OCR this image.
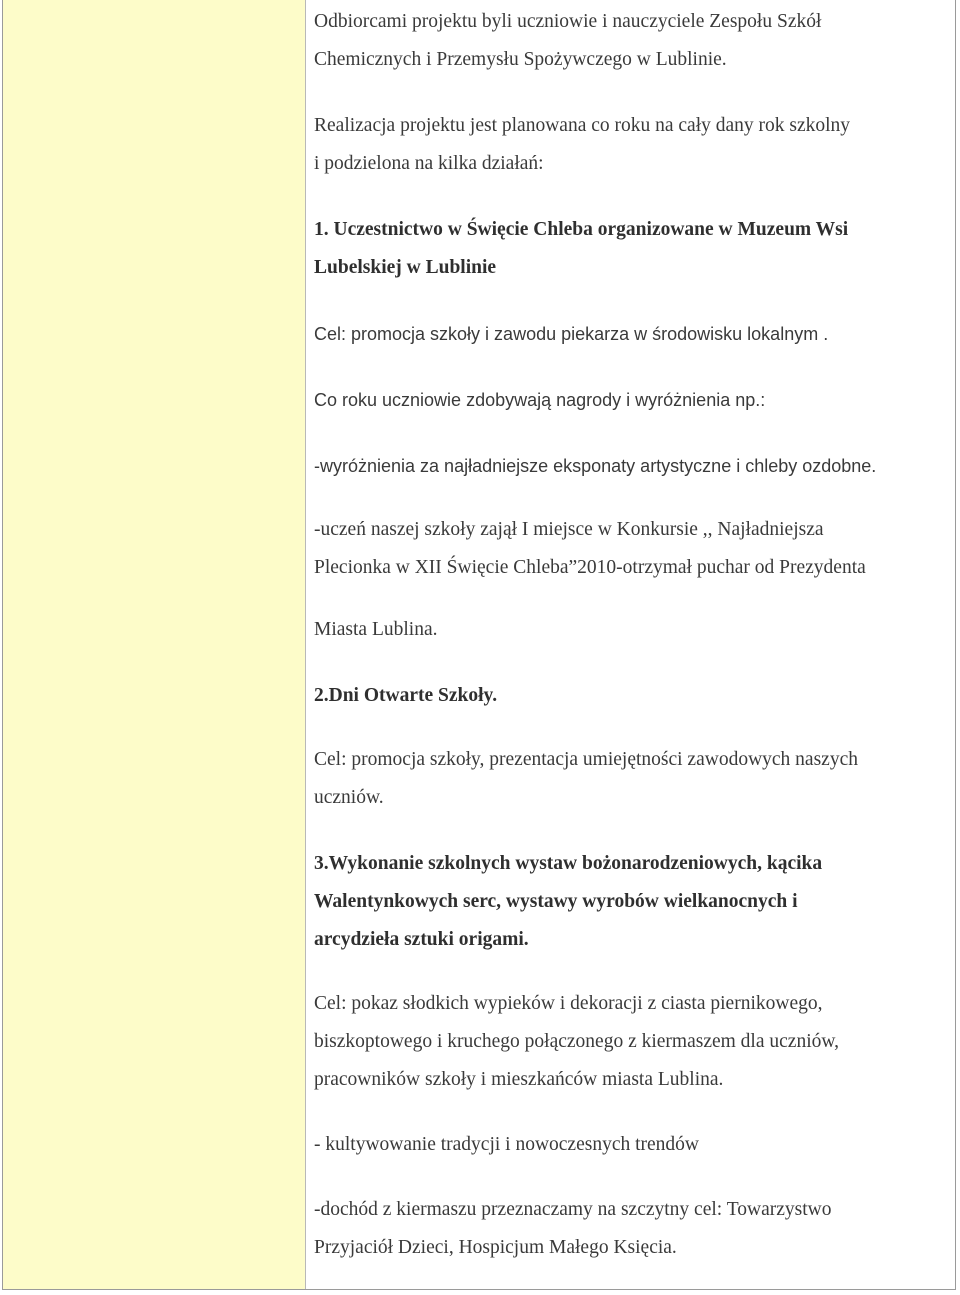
Odbiorcami projektu byli uczniowie i nauczyciele Zespołu Szkół

Chemicznych i Przemysłu Spożywczego w Lublinie.

Realizacja projektu jest planowana co roku na cały dany rok szkolny

i podzielona na kilka działań:

1. Uczestnictwo w Święcie Chleba organizowane w Muzeum Wsi

Lubelskiej w Lublinie

Cel: promocja szkoły i zawodu piekarza w środowisku lokalnym .

Co roku uczniowie zdobywają nagrody i wyróżnienia np.:

-wyróżnienia za najładniejsze eksponaty artystyczne i chleby ozdobne.

-uczeń naszej szkoły zajął I miejsce w Konkursie ,, Najładniejsza

Plecionka w XII Święcie Chleba”2010-otrzymał puchar od Prezydenta

Miasta Lublina.

2.Dni Otwarte Szkoły.

Cel: promocja szkoły, prezentacja umiejętności zawodowych naszych

uczniów.

3.Wykonanie szkolnych wystaw bożonarodzeniowych, kącika

Walentynkowych serc, wystawy wyrobów wielkanocnych i

arcydzieła sztuki origami.

Cel: pokaz słodkich wypieków i dekoracji z ciasta piernikowego,

biszkoptowego i kruchego połączonego z kiermaszem dla uczniów,

pracowników szkoły i mieszkańców miasta Lublina.

- kultywowanie tradycji i nowoczesnych trendów

-dochód z kiermaszu przeznaczamy na szczytny cel: Towarzystwo

Przyjaciół Dzieci, Hospicjum Małego Księcia.
